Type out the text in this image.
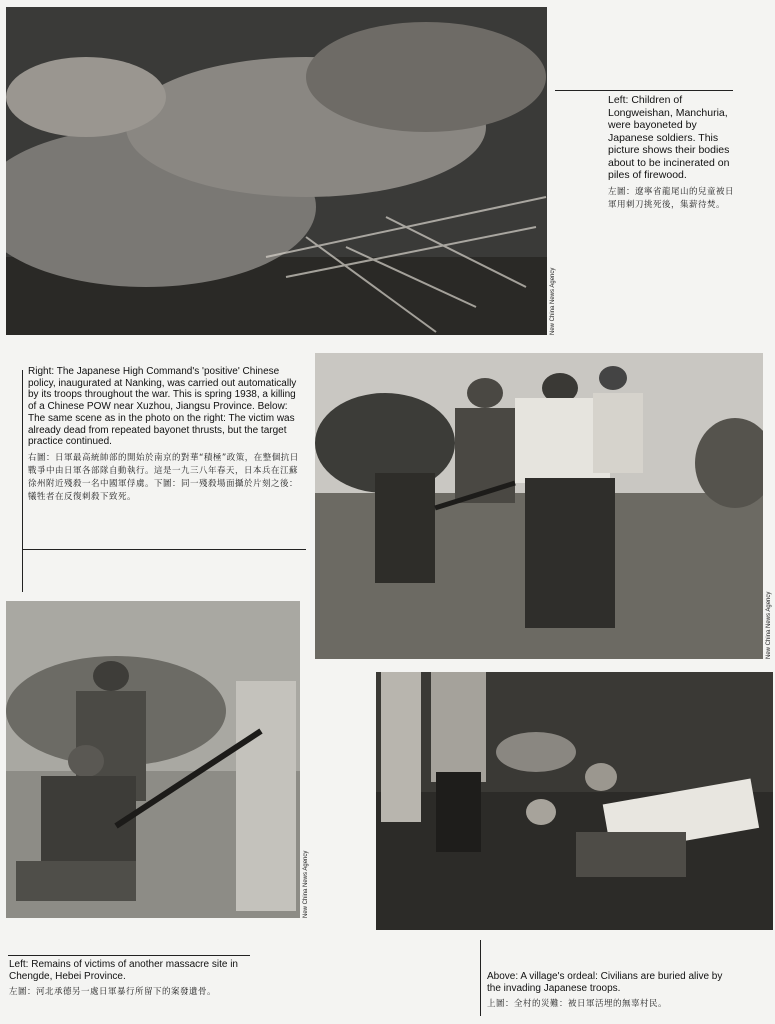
New China News Agency
Left: Children of Longweishan, Manchuria, were bayoneted by Japanese soldiers. This picture shows their bodies about to be incinerated on piles of firewood.
左圖：遼寧省龍尾山的兒童被日軍用刺刀挑死後，集薪待焚。
Right: The Japanese High Command's 'positive' Chinese policy, inaugurated at Nanking, was carried out automatically by its troops throughout the war. This is spring 1938, a killing of a Chinese POW near Xuzhou, Jiangsu Province. Below: The same scene as in the photo on the right: The victim was already dead from repeated bayonet thrusts, but the target practice continued.
右圖：日軍最高統帥部的開始於南京的對華“積極”政策，在整個抗日戰爭中由日軍各部隊自動執行。這是一九三八年春天，日本兵在江蘇徐州附近殘殺一名中國軍俘虜。下圖：同一殘殺場面攝於片刻之後：犧牲者在反復刺殺下致死。
New China News Agency
New China News Agency
Left: Remains of victims of another massacre site in Chengde, Hebei Province.
左圖：河北承德另一處日軍暴行所留下的案發遺骨。
Above: A village's ordeal: Civilians are buried alive by the invading Japanese troops.
上圖：全村的災難：被日軍活埋的無辜村民。
